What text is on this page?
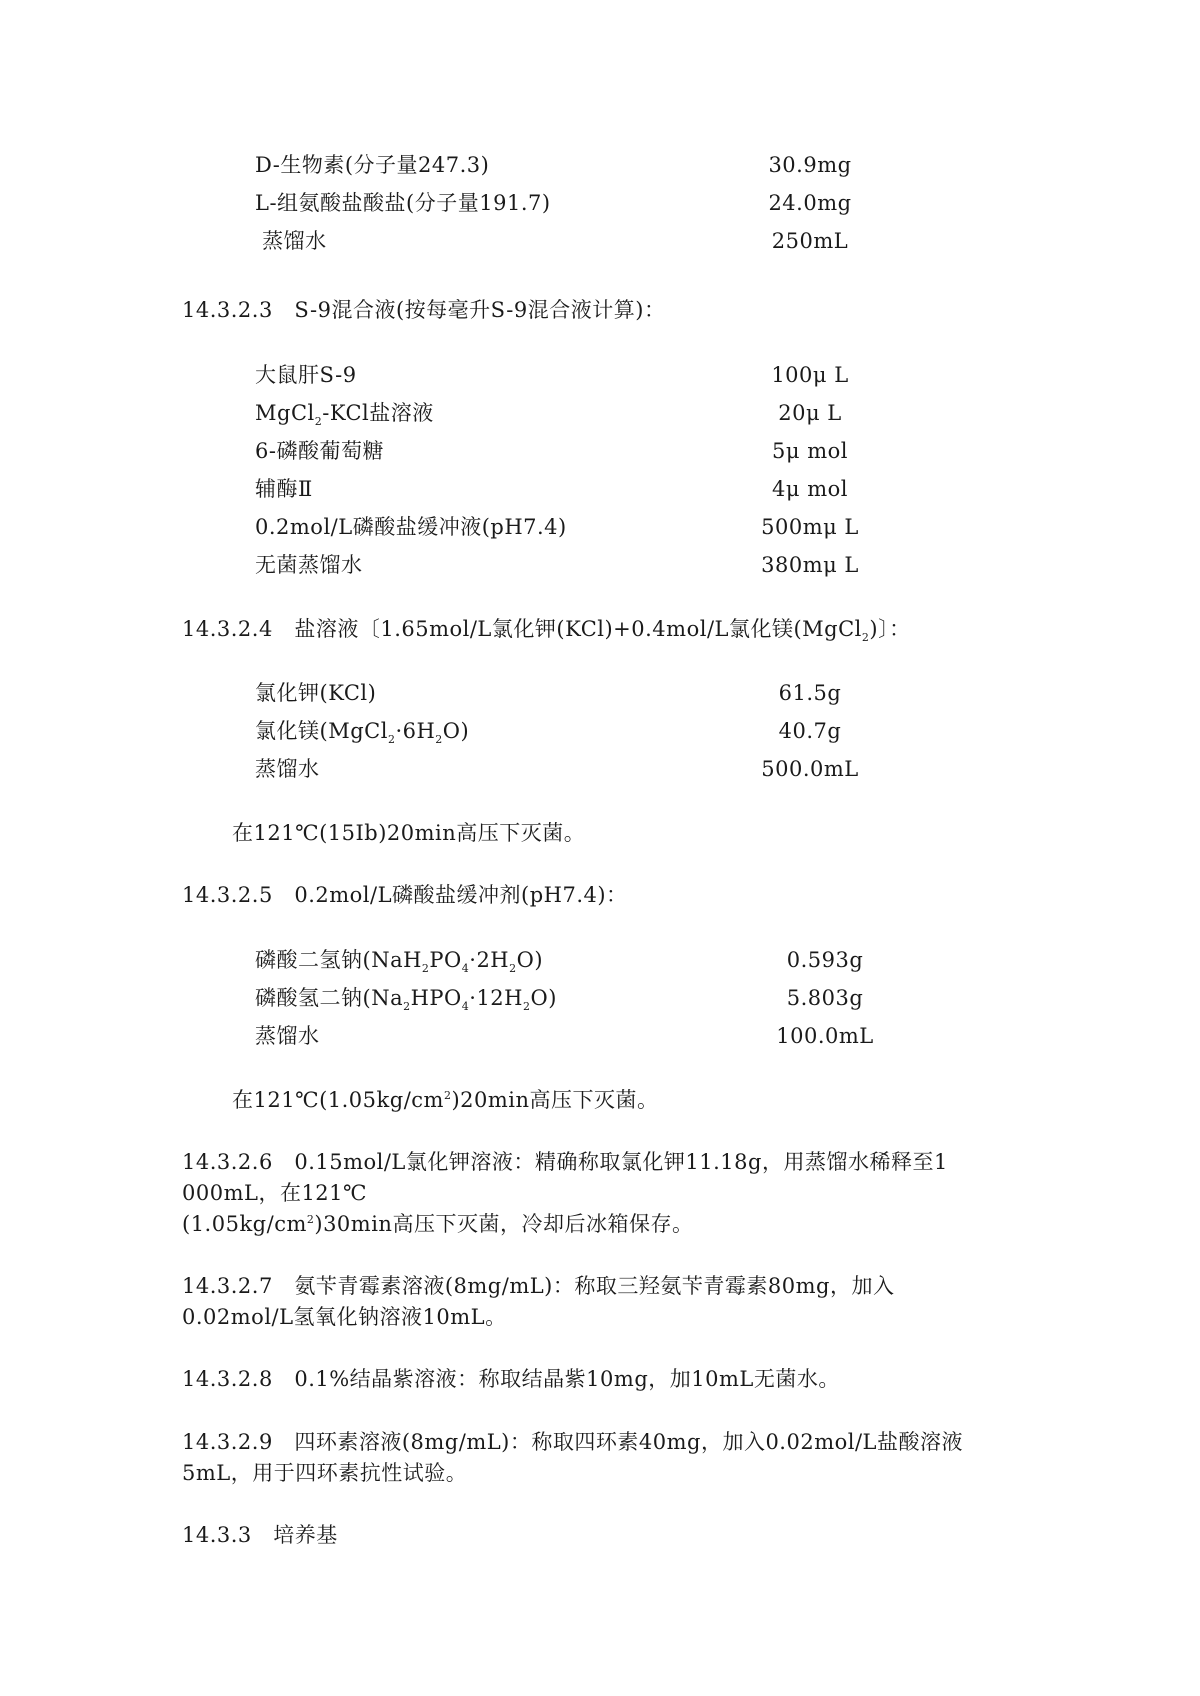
D-生物素(分子量247.3)	30.9mg
L-组氨酸盐酸盐(分子量191.7)	24.0mg
蒸馏水	250mL
14.3.2.3　S-9混合液(按每毫升S-9混合液计算)：
大鼠肝S-9	100μ L
MgCl$_2$-KCl盐溶液	20μ L
6-磷酸葡萄糖	5μ mol
辅酶Ⅱ	4μ mol
0.2mol/L磷酸盐缓冲液(pH7.4)	500mμ L
无菌蒸馏水	380mμ L
14.3.2.4　盐溶液〔1.65mol/L氯化钾(KCl)+0.4mol/L氯化镁(MgCl$_2$)〕：
氯化钾(KCl)	61.5g
氯化镁$(MgCl_2\cdot 6H_2O)$	40.7g
蒸馏水	500.0mL
在121℃(15Ib)20min高压下灭菌。
14.3.2.5　0.2mol/L磷酸盐缓冲剂(pH7.4)：
磷酸二氢钠$(NaH_2PO_4\cdot 2H_2O)$	0.593g
磷酸氢二钠$(Na_2HPO_4\cdot 12H_2O)$	5.803g
蒸馏水	100.0mL
在$121℃(1.05kg/cm^2)20\min$高压下灭菌。
14.3.2.6　0.15mol/L氯化钾溶液：精确称取氯化钾11.18g，用蒸馏水稀释至1
000mL，在121℃
$(1.05kg/cm^2)30\min$高压下灭菌，冷却后冰箱保存。
14.3.2.7　氨苄青霉素溶液(8mg/mL)：称取三羟氨苄青霉素80mg，加入
0.02mol/L氢氧化钠溶液10mL。
14.3.2.8　0.1%结晶紫溶液：称取结晶紫10mg，加10mL无菌水。
14.3.2.9　四环素溶液(8mg/mL)：称取四环素40mg，加入0.02mol/L盐酸溶液
5mL，用于四环素抗性试验。
14.3.3　培养基
